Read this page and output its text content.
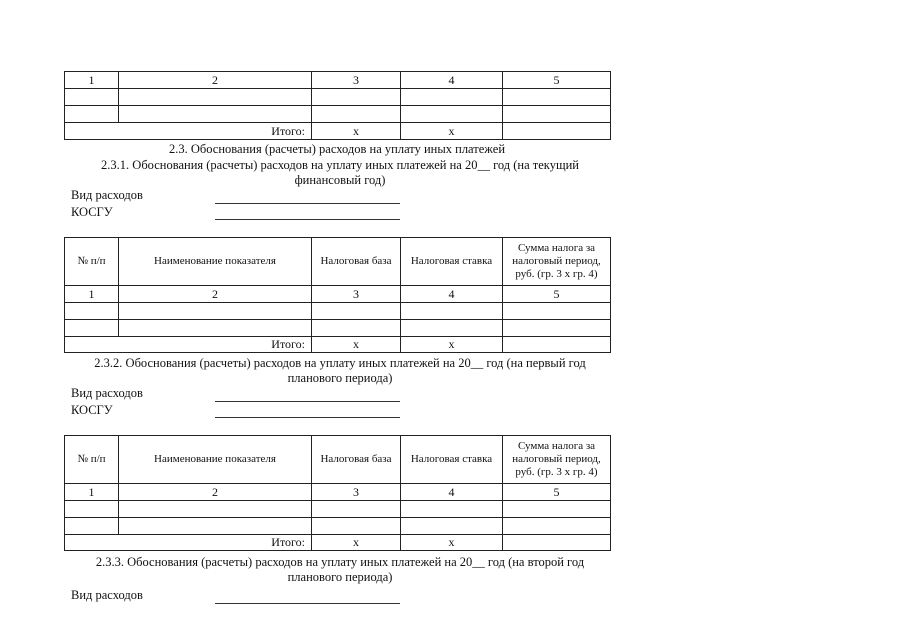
1	2	3	4	5

	Итого:	x	x	
2.3. Обоснования (расчеты) расходов на уплату иных платежей
2.3.1. Обоснования (расчеты) расходов на уплату иных платежей на 20__ год (на текущий
финансовый год)
Вид расходов
КОСГУ
№ п/п	Наименование показателя	Налоговая база	Налоговая ставка	Сумма налога за налоговый период, руб. (гр. 3 х гр. 4)
1	2	3	4	5

	Итого:	x	x	
2.3.2. Обоснования (расчеты) расходов на уплату иных платежей на 20__ год (на первый год
планового периода)
Вид расходов
КОСГУ
№ п/п	Наименование показателя	Налоговая база	Налоговая ставка	Сумма налога за налоговый период, руб. (гр. 3 х гр. 4)
1	2	3	4	5

	Итого:	x	x	
2.3.3. Обоснования (расчеты) расходов на уплату иных платежей на 20__ год (на второй год
планового периода)
Вид расходов
